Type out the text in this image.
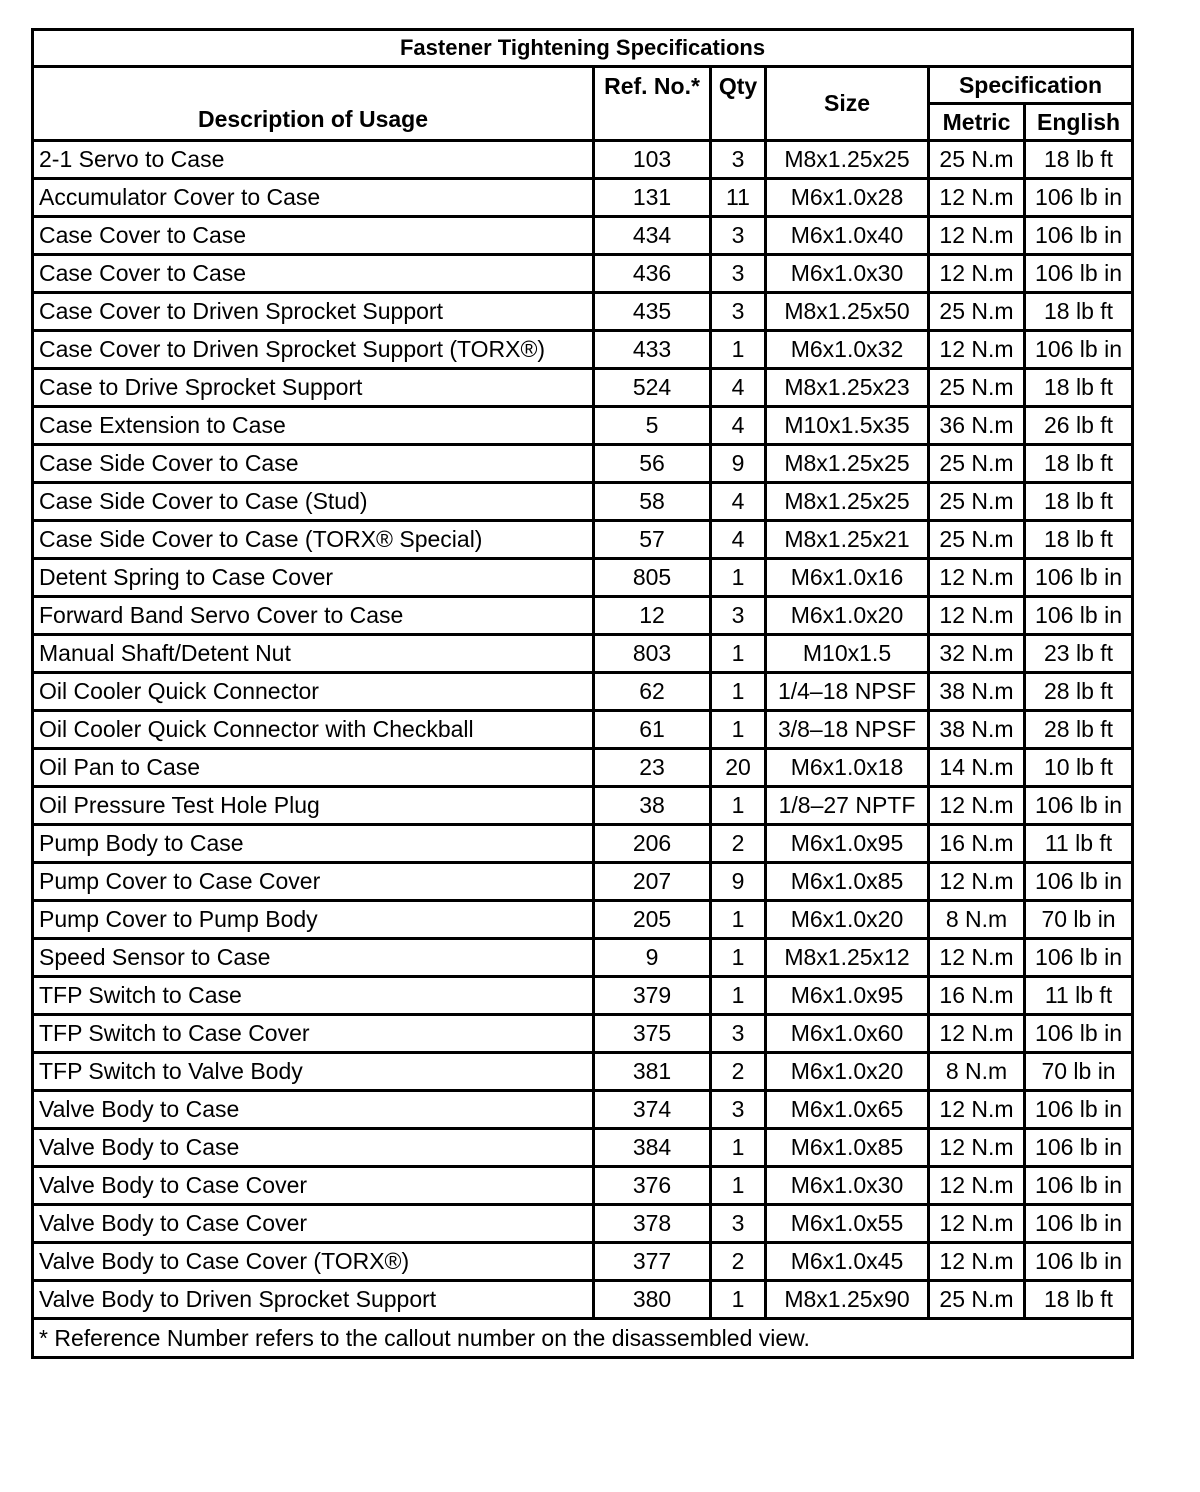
Fastener Tightening Specifications					
Description of Usage	Ref. No.*	Qty	Size	Specification	
				Metric	English
2-1 Servo to Case	103	3	M8x1.25x25	25 N.m	18 lb ft
Accumulator Cover to Case	131	11	M6x1.0x28	12 N.m	106 lb in
Case Cover to Case	434	3	M6x1.0x40	12 N.m	106 lb in
Case Cover to Case	436	3	M6x1.0x30	12 N.m	106 lb in
Case Cover to Driven Sprocket Support	435	3	M8x1.25x50	25 N.m	18 lb ft
Case Cover to Driven Sprocket Support (TORX®)	433	1	M6x1.0x32	12 N.m	106 lb in
Case to Drive Sprocket Support	524	4	M8x1.25x23	25 N.m	18 lb ft
Case Extension to Case	5	4	M10x1.5x35	36 N.m	26 lb ft
Case Side Cover to Case	56	9	M8x1.25x25	25 N.m	18 lb ft
Case Side Cover to Case (Stud)	58	4	M8x1.25x25	25 N.m	18 lb ft
Case Side Cover to Case (TORX® Special)	57	4	M8x1.25x21	25 N.m	18 lb ft
Detent Spring to Case Cover	805	1	M6x1.0x16	12 N.m	106 lb in
Forward Band Servo Cover to Case	12	3	M6x1.0x20	12 N.m	106 lb in
Manual Shaft/Detent Nut	803	1	M10x1.5	32 N.m	23 lb ft
Oil Cooler Quick Connector	62	1	1/4–18 NPSF	38 N.m	28 lb ft
Oil Cooler Quick Connector with Checkball	61	1	3/8–18 NPSF	38 N.m	28 lb ft
Oil Pan to Case	23	20	M6x1.0x18	14 N.m	10 lb ft
Oil Pressure Test Hole Plug	38	1	1/8–27 NPTF	12 N.m	106 lb in
Pump Body to Case	206	2	M6x1.0x95	16 N.m	11 lb ft
Pump Cover to Case Cover	207	9	M6x1.0x85	12 N.m	106 lb in
Pump Cover to Pump Body	205	1	M6x1.0x20	8 N.m	70 lb in
Speed Sensor to Case	9	1	M8x1.25x12	12 N.m	106 lb in
TFP Switch to Case	379	1	M6x1.0x95	16 N.m	11 lb ft
TFP Switch to Case Cover	375	3	M6x1.0x60	12 N.m	106 lb in
TFP Switch to Valve Body	381	2	M6x1.0x20	8 N.m	70 lb in
Valve Body to Case	374	3	M6x1.0x65	12 N.m	106 lb in
Valve Body to Case	384	1	M6x1.0x85	12 N.m	106 lb in
Valve Body to Case Cover	376	1	M6x1.0x30	12 N.m	106 lb in
Valve Body to Case Cover	378	3	M6x1.0x55	12 N.m	106 lb in
Valve Body to Case Cover (TORX®)	377	2	M6x1.0x45	12 N.m	106 lb in
Valve Body to Driven Sprocket Support	380	1	M8x1.25x90	25 N.m	18 lb ft
* Reference Number refers to the callout number on the disassembled view.					
